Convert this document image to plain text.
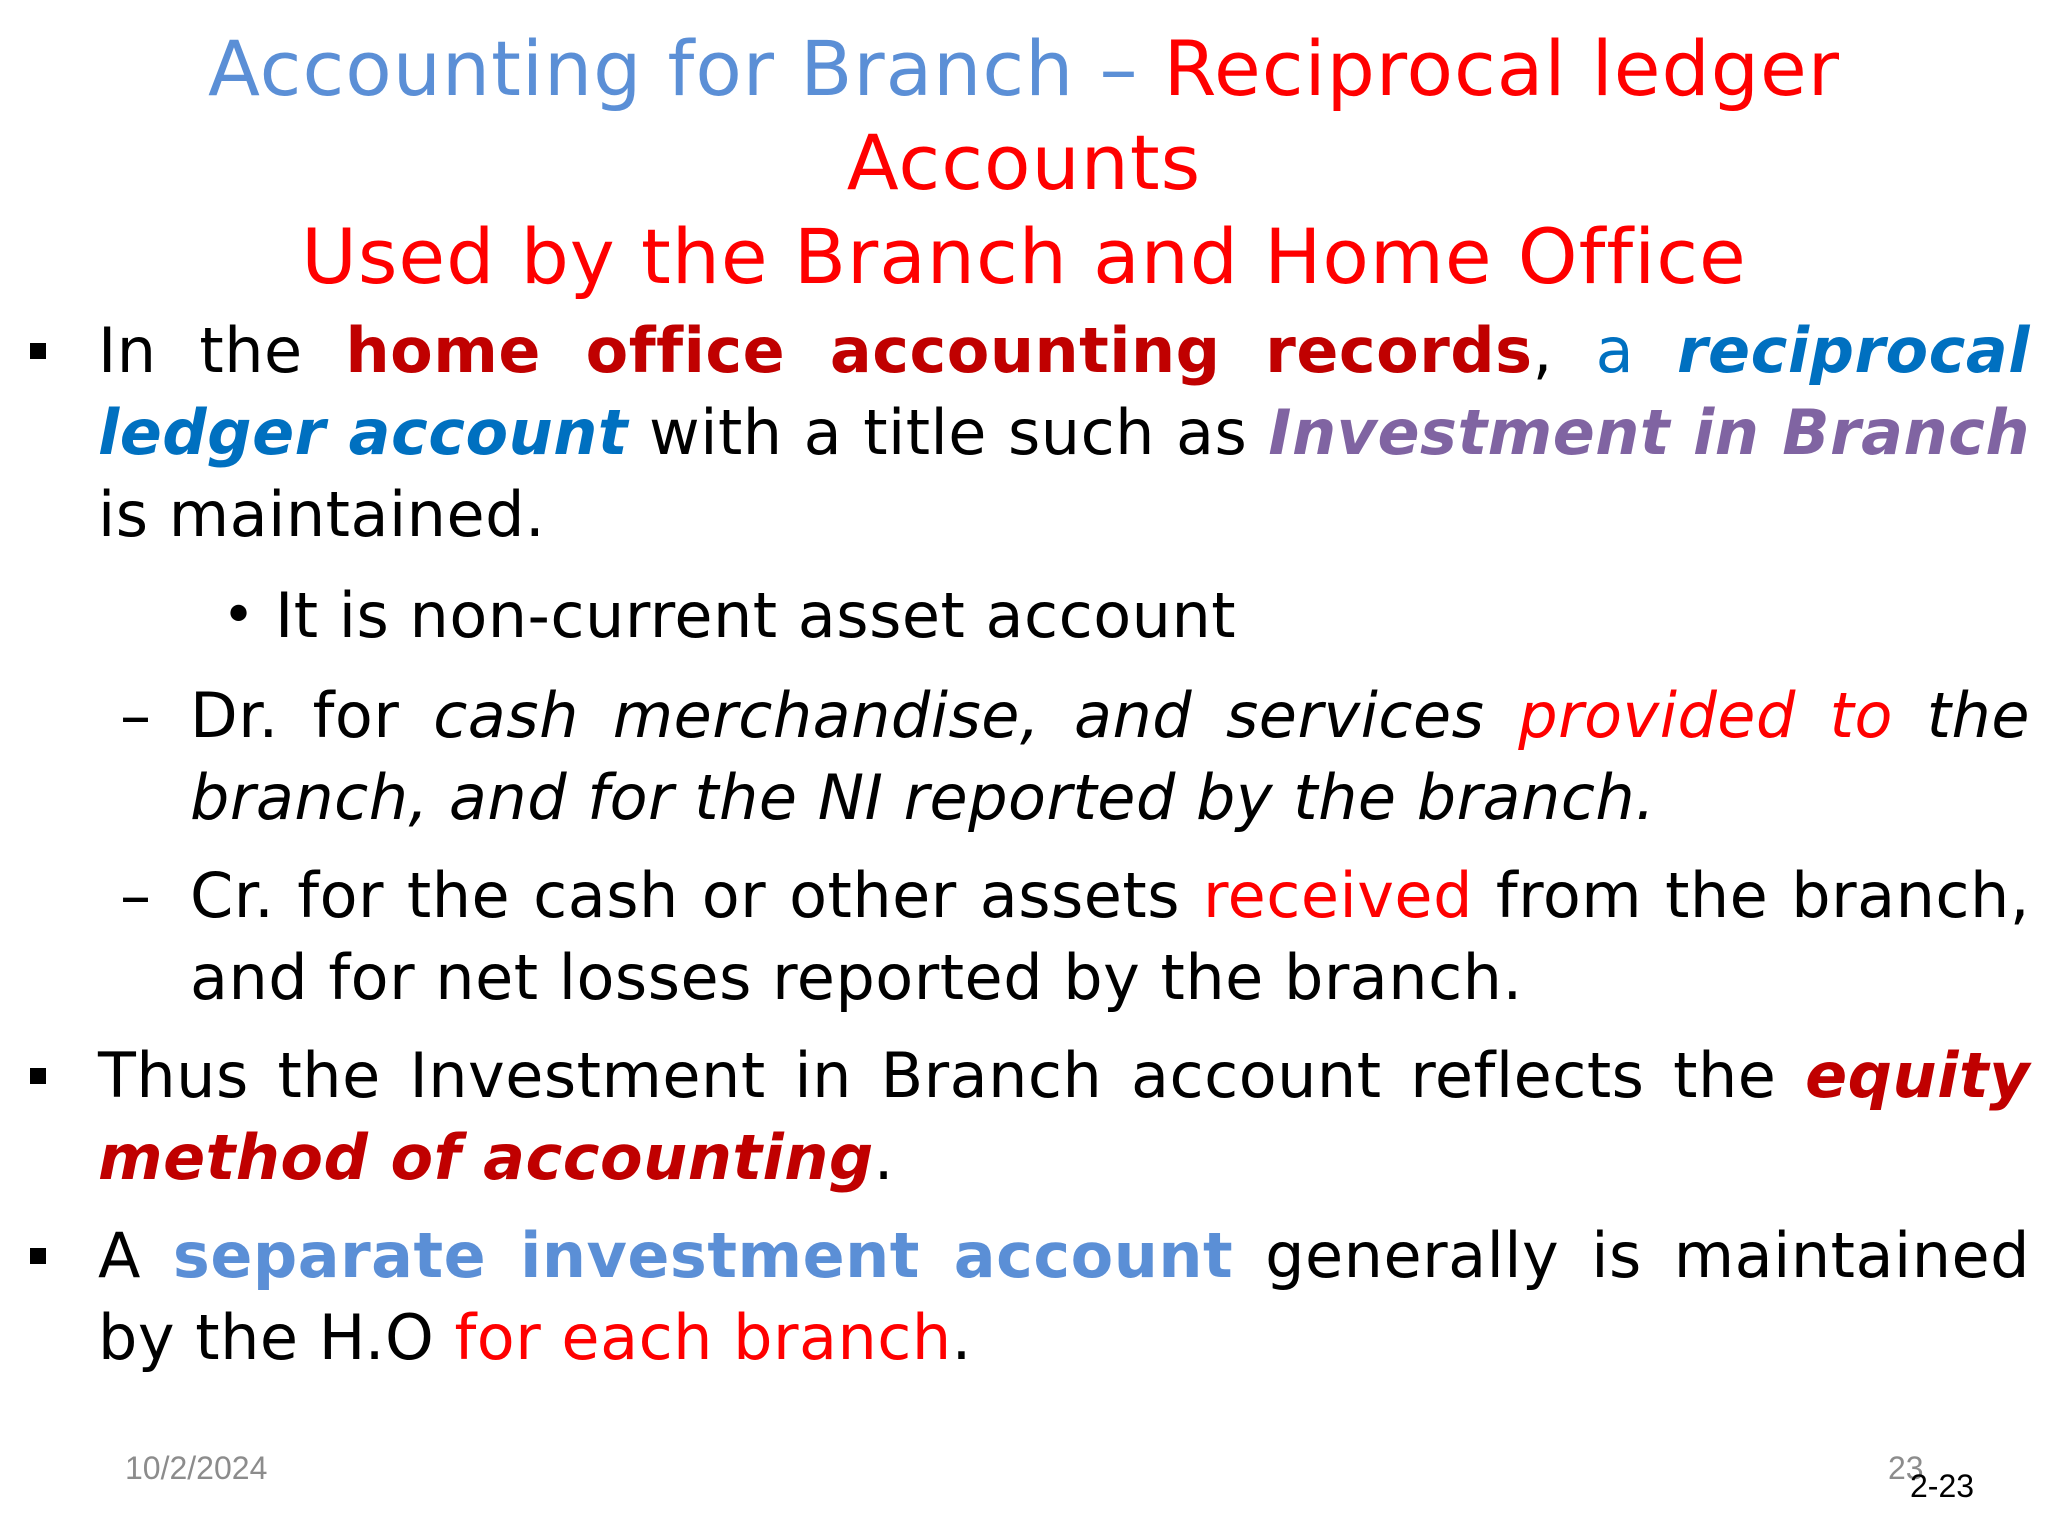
Accounting for Branch – Reciprocal ledger Accounts
Used by the Branch and Home Office
In the home office accounting records, a reciprocal ledger account with a title such as Investment in Branch is maintained.
• It is non-current asset account
– Dr. for cash merchandise, and services provided to the branch, and for the NI reported by the branch.
– Cr. for the cash or other assets received from the branch, and for net losses reported by the branch.
Thus the Investment in Branch account reflects the equity method of accounting.
A separate investment account generally is maintained by the H.O for each branch.
10/2/2024	23
2-23
